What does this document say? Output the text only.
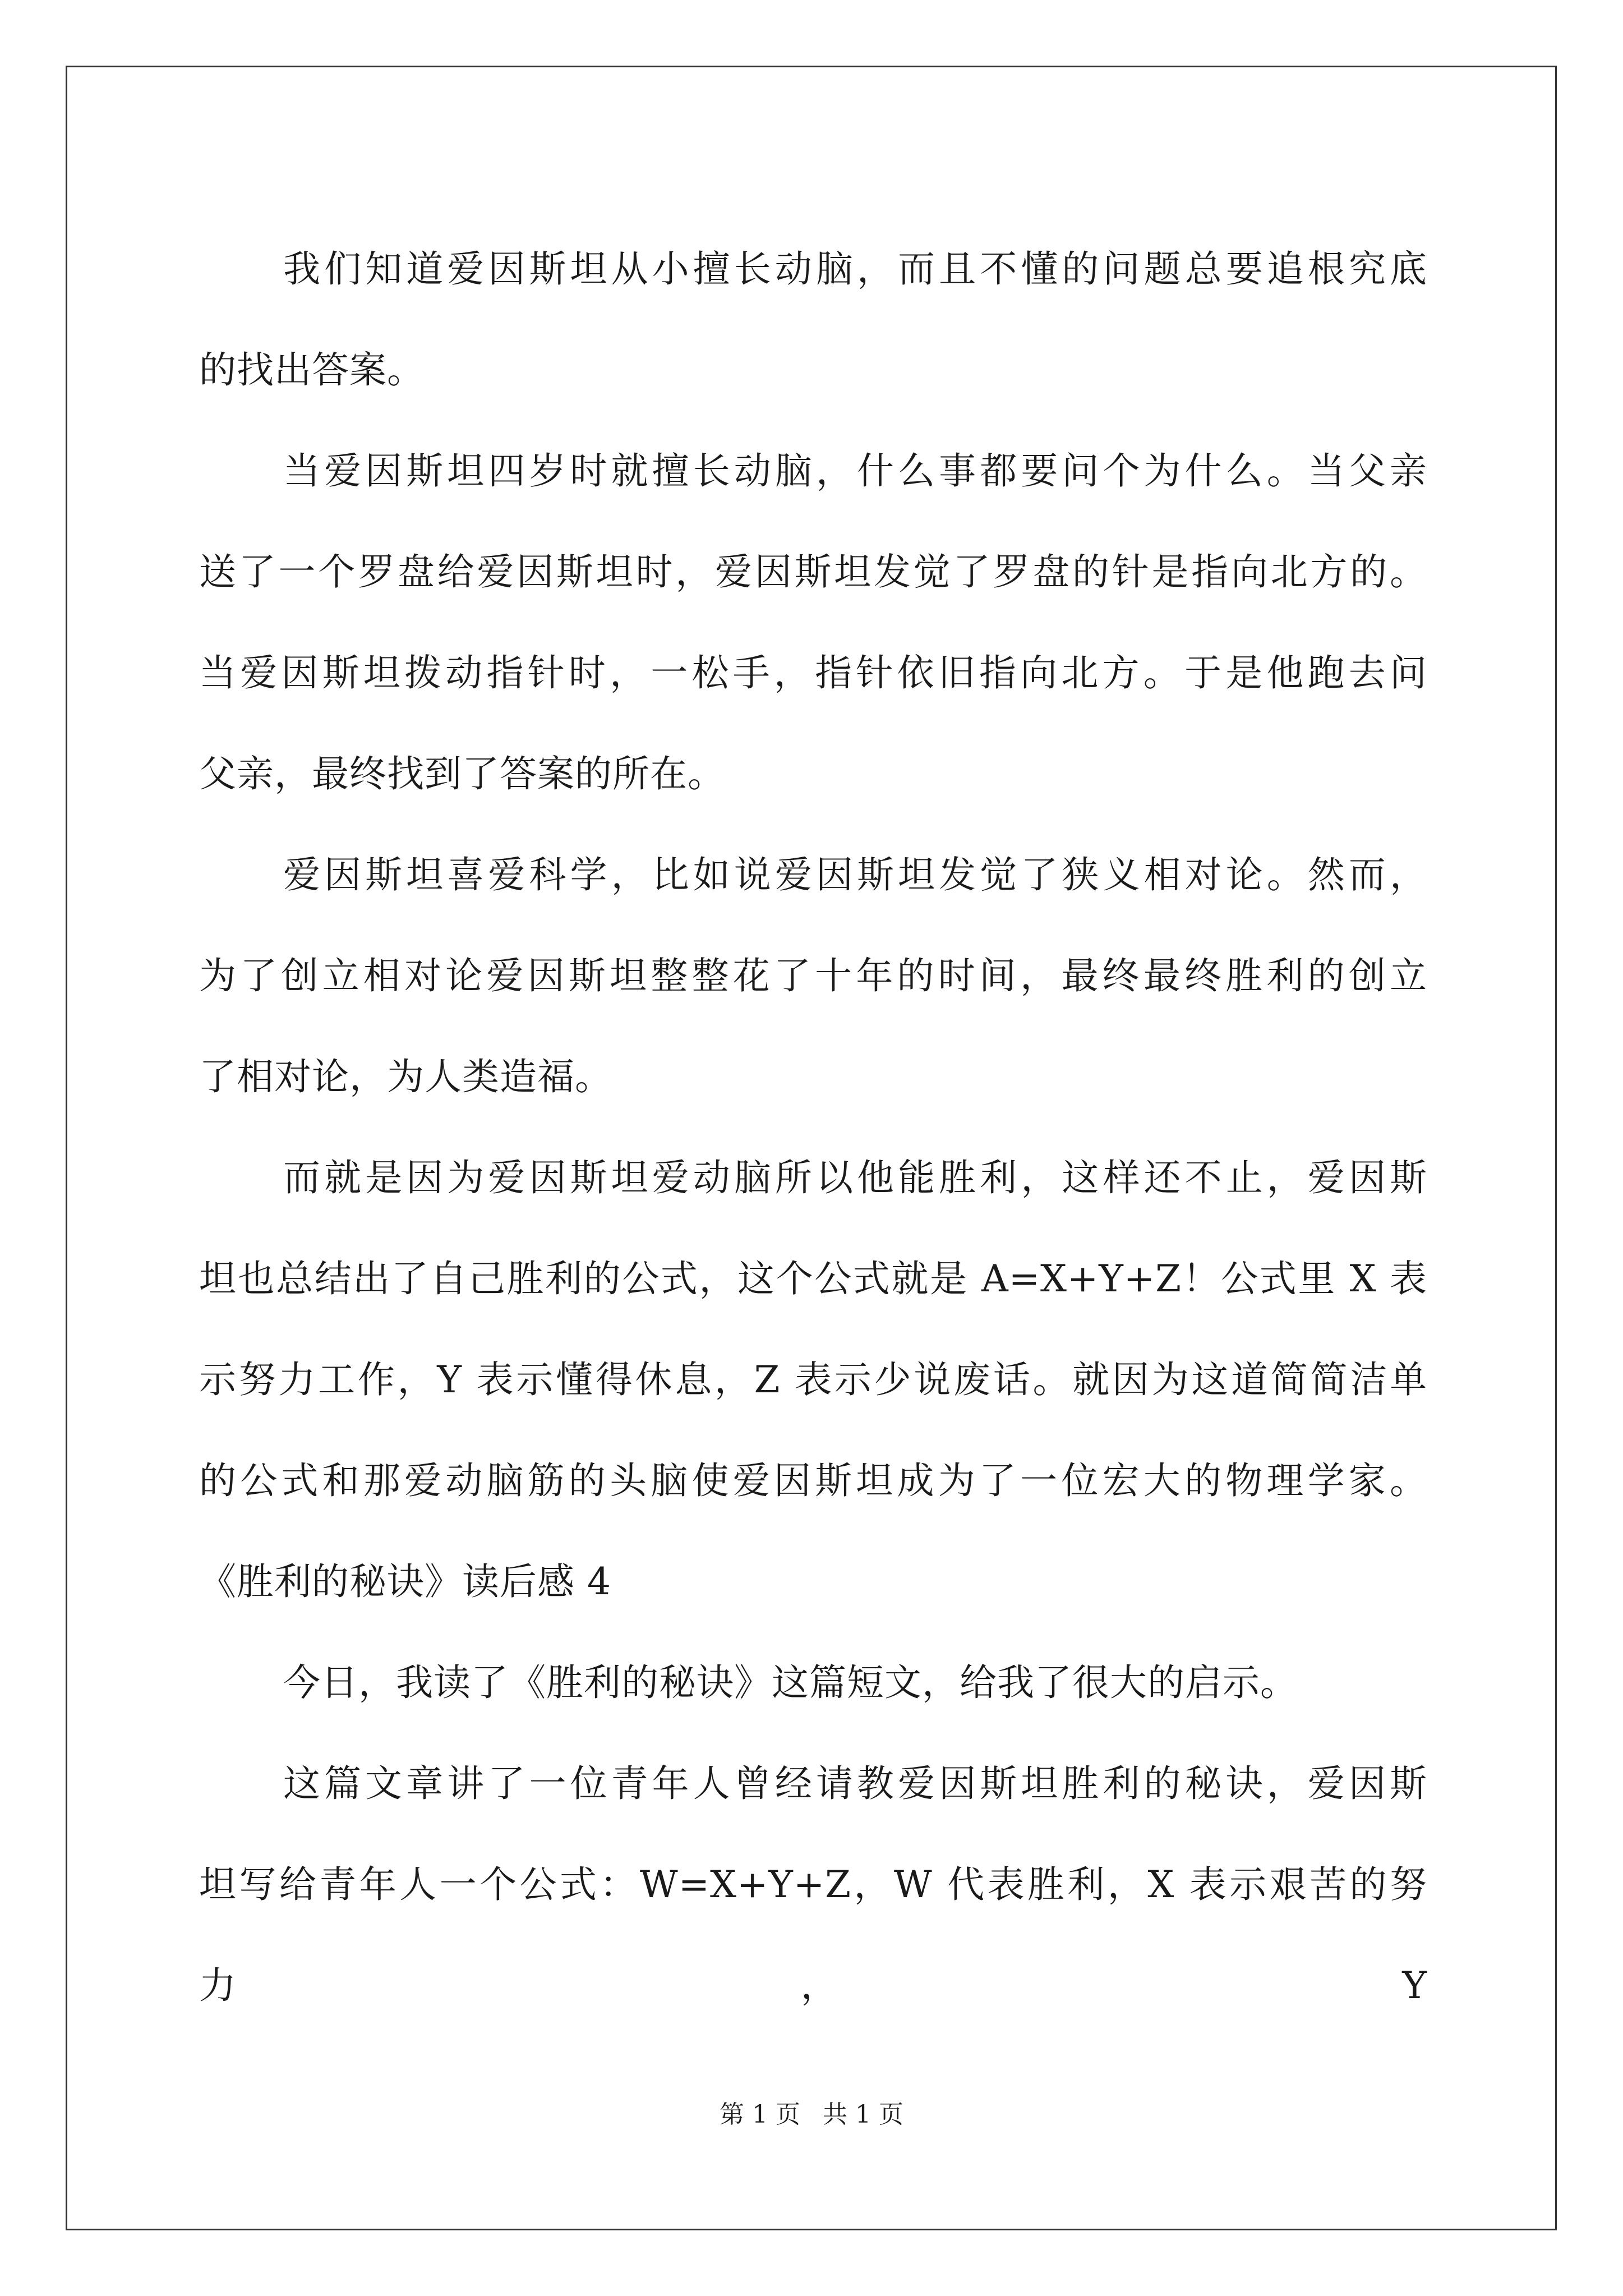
我们知道爱因斯坦从小擅长动脑，而且不懂的问题总要追根究底
的找出答案。
当爱因斯坦四岁时就擅长动脑，什么事都要问个为什么。当父亲
送了一个罗盘给爱因斯坦时，爱因斯坦发觉了罗盘的针是指向北方的。
当爱因斯坦拨动指针时，一松手，指针依旧指向北方。于是他跑去问
父亲，最终找到了答案的所在。
爱因斯坦喜爱科学，比如说爱因斯坦发觉了狭义相对论。然而，
为了创立相对论爱因斯坦整整花了十年的时间，最终最终胜利的创立
了相对论，为人类造福。
而就是因为爱因斯坦爱动脑所以他能胜利，这样还不止，爱因斯
坦也总结出了自己胜利的公式，这个公式就是 A=X+Y+Z！公式里 X 表
示努力工作，Y 表示懂得休息，Z 表示少说废话。就因为这道简简洁单
的公式和那爱动脑筋的头脑使爱因斯坦成为了一位宏大的物理学家。
《胜利的秘诀》读后感 4
今日，我读了《胜利的秘诀》这篇短文，给我了很大的启示。
这篇文章讲了一位青年人曾经请教爱因斯坦胜利的秘诀，爱因斯
坦写给青年人一个公式：W=X+Y+Z，W 代表胜利，X 表示艰苦的努力，Y
第 1 页 共 1 页
